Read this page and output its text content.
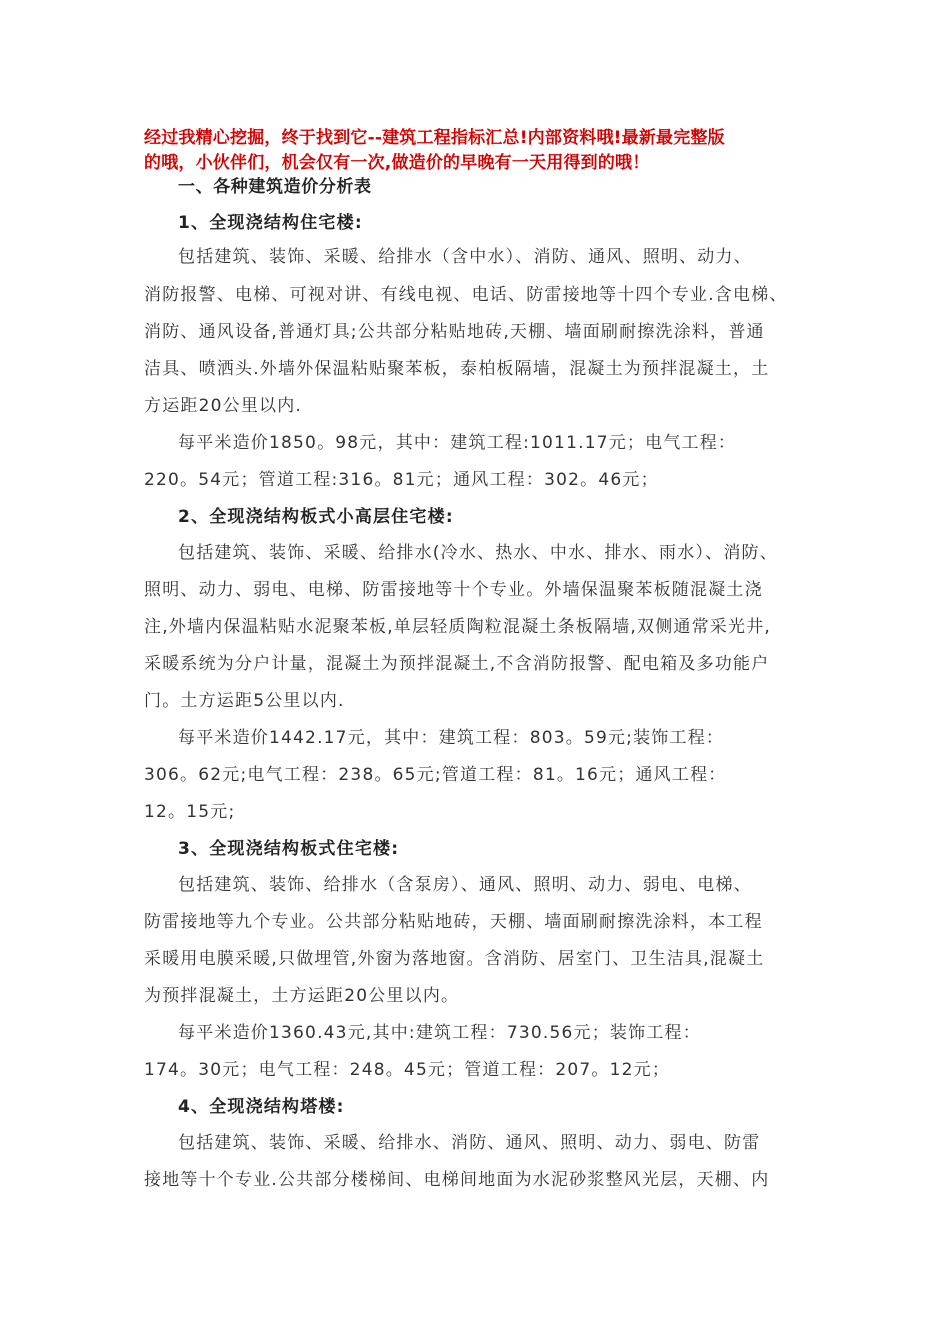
经过我精心挖掘，终于找到它--建筑工程指标汇总!内部资料哦!最新最完整版
的哦，小伙伴们，机会仅有一次,做造价的早晚有一天用得到的哦！
一、各种建筑造价分析表
1、全现浇结构住宅楼:
包括建筑、装饰、采暖、给排水（含中水）、消防、通风、照明、动力、
消防报警、电梯、可视对讲、有线电视、电话、防雷接地等十四个专业.含电梯、
消防、通风设备,普通灯具;公共部分粘贴地砖,天棚、墙面刷耐擦洗涂料，普通
洁具、喷洒头.外墙外保温粘贴聚苯板，泰柏板隔墙，混凝土为预拌混凝土，土
方运距20公里以内.
每平米造价1850。98元，其中：建筑工程:1011.17元；电气工程：
220。54元；管道工程:316。81元；通风工程：302。46元；
2、全现浇结构板式小高层住宅楼:
包括建筑、装饰、采暖、给排水(冷水、热水、中水、排水、雨水）、消防、
照明、动力、弱电、电梯、防雷接地等十个专业。外墙保温聚苯板随混凝土浇
注,外墙内保温粘贴水泥聚苯板,单层轻质陶粒混凝土条板隔墙,双侧通常采光井,
采暖系统为分户计量，混凝土为预拌混凝土,不含消防报警、配电箱及多功能户
门。土方运距5公里以内.
每平米造价1442.17元，其中：建筑工程：803。59元;装饰工程：
306。62元;电气工程：238。65元;管道工程：81。16元；通风工程：
12。15元;
3、全现浇结构板式住宅楼:
包括建筑、装饰、给排水（含泵房）、通风、照明、动力、弱电、电梯、
防雷接地等九个专业。公共部分粘贴地砖，天棚、墙面刷耐擦洗涂料，本工程
采暖用电膜采暖,只做埋管,外窗为落地窗。含消防、居室门、卫生洁具,混凝土
为预拌混凝土，土方运距20公里以内。
每平米造价1360.43元,其中:建筑工程：730.56元；装饰工程：
174。30元；电气工程：248。45元；管道工程：207。12元；
4、全现浇结构塔楼:
包括建筑、装饰、采暖、给排水、消防、通风、照明、动力、弱电、防雷
接地等十个专业.公共部分楼梯间、电梯间地面为水泥砂浆整风光层，天棚、内
